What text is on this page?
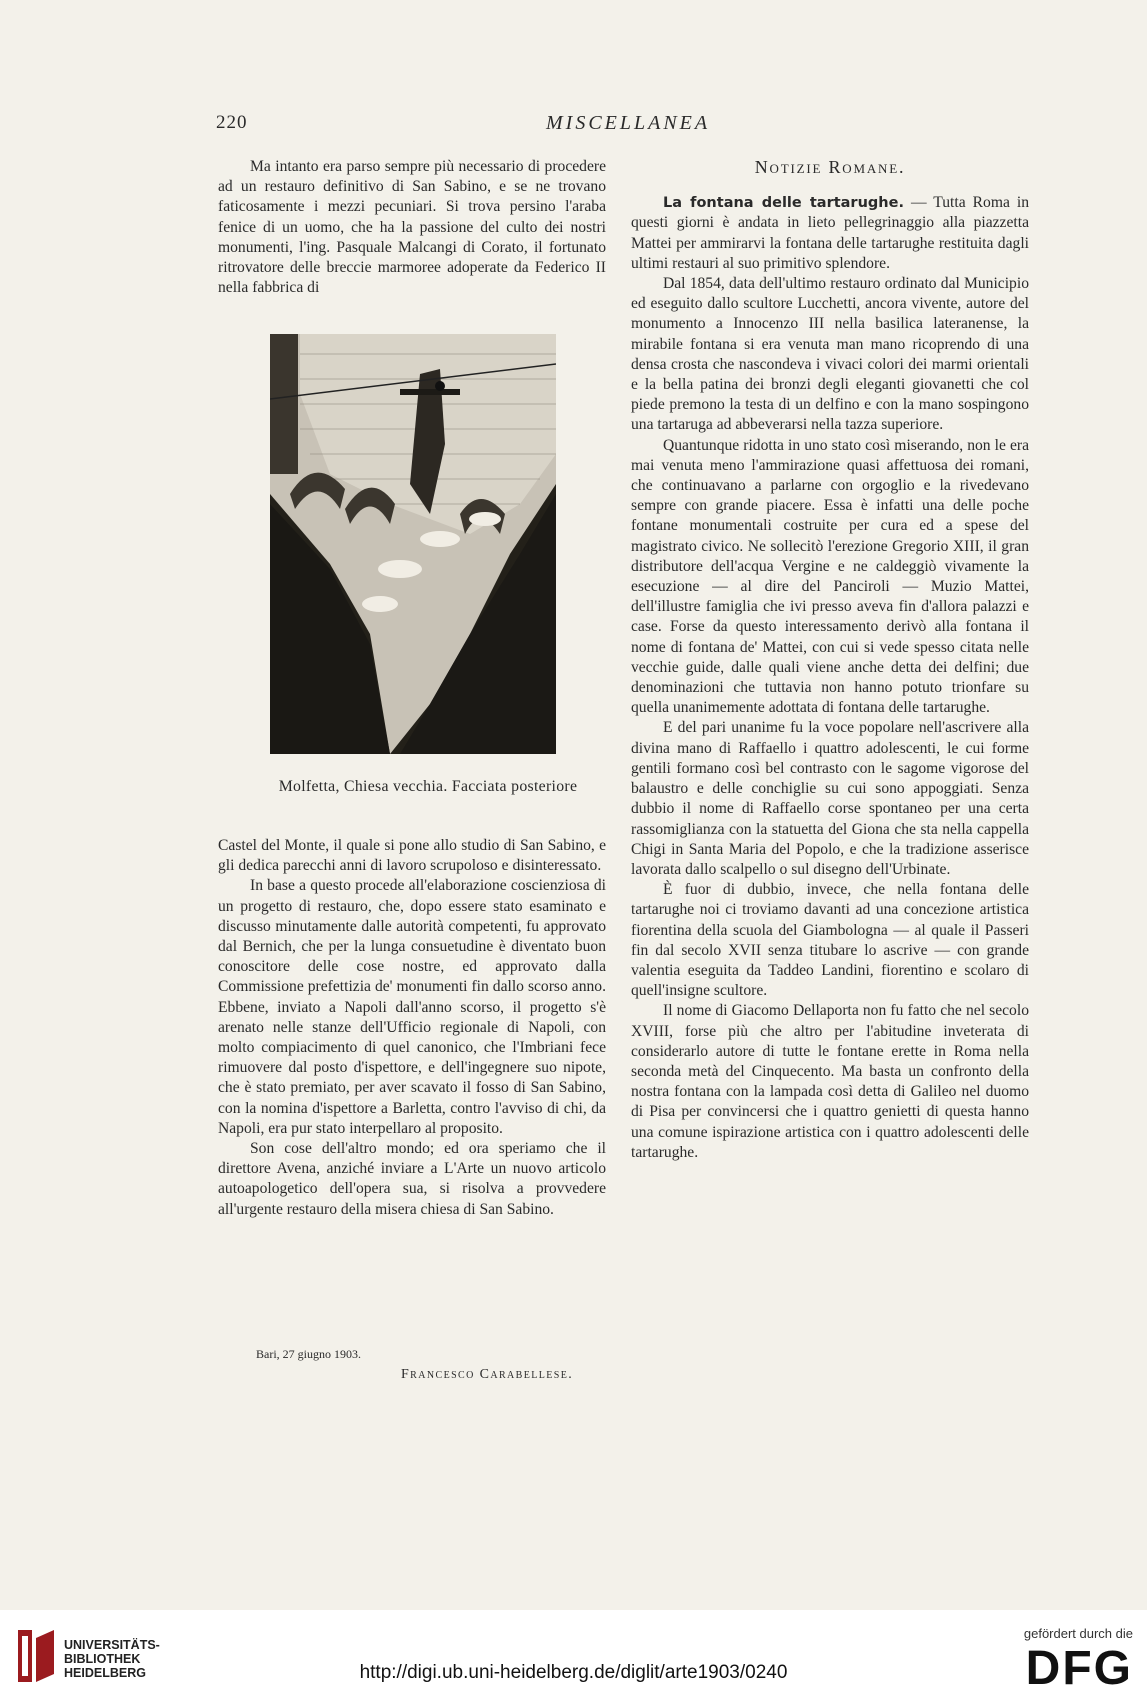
220	MISCELLANEA

Ma intanto era parso sempre più necessario di procedere ad un restauro definitivo di San Sabino, e se ne trovano faticosamente i mezzi pecuniari. Si trova persino l'araba fenice di un uomo, che ha la passione del culto dei nostri monumenti, l'ing. Pasquale Malcangi di Corato, il fortunato ritrovatore delle breccie marmoree adoperate da Federico II nella fabbrica di

Molfetta, Chiesa vecchia. Facciata posteriore

Castel del Monte, il quale si pone allo studio di San Sabino, e gli dedica parecchi anni di lavoro scrupoloso e disinteressato.

In base a questo procede all'elaborazione coscienziosa di un progetto di restauro, che, dopo essere stato esaminato e discusso minutamente dalle autorità competenti, fu approvato dal Bernich, che per la lunga consuetudine è diventato buon conoscitore delle cose nostre, ed approvato dalla Commissione prefettizia de' monumenti fin dallo scorso anno. Ebbene, inviato a Napoli dall'anno scorso, il progetto s'è arenato nelle stanze dell'Ufficio regionale di Napoli, con molto compiacimento di quel canonico, che l'Imbriani fece rimuovere dal posto d'ispettore, e dell'ingegnere suo nipote, che è stato premiato, per aver scavato il fosso di San Sabino, con la nomina d'ispettore a Barletta, contro l'avviso di chi, da Napoli, era pur stato interpellaro al proposito.

Son cose dell'altro mondo; ed ora speriamo che il direttore Avena, anziché inviare a L'Arte un nuovo articolo autoapologetico dell'opera sua, si risolva a provvedere all'urgente restauro della misera chiesa di San Sabino.

Bari, 27 giugno 1903.
Francesco Carabellese.

Notizie Romane.

La fontana delle tartarughe. — Tutta Roma in questi giorni è andata in lieto pellegrinaggio alla piazzetta Mattei per ammirarvi la fontana delle tartarughe restituita dagli ultimi restauri al suo primitivo splendore.

Dal 1854, data dell'ultimo restauro ordinato dal Municipio ed eseguito dallo scultore Lucchetti, ancora vivente, autore del monumento a Innocenzo III nella basilica lateranense, la mirabile fontana si era venuta man mano ricoprendo di una densa crosta che nascondeva i vivaci colori dei marmi orientali e la bella patina dei bronzi degli eleganti giovanetti che col piede premono la testa di un delfino e con la mano sospingono una tartaruga ad abbeverarsi nella tazza superiore.

Quantunque ridotta in uno stato così miserando, non le era mai venuta meno l'ammirazione quasi affettuosa dei romani, che continuavano a parlarne con orgoglio e la rivedevano sempre con grande piacere. Essa è infatti una delle poche fontane monumentali costruite per cura ed a spese del magistrato civico. Ne sollecitò l'erezione Gregorio XIII, il gran distributore dell'acqua Vergine e ne caldeggiò vivamente la esecuzione — al dire del Panciroli — Muzio Mattei, dell'illustre famiglia che ivi presso aveva fin d'allora palazzi e case. Forse da questo interessamento derivò alla fontana il nome di fontana de' Mattei, con cui si vede spesso citata nelle vecchie guide, dalle quali viene anche detta dei delfini; due denominazioni che tuttavia non hanno potuto trionfare su quella unanimemente adottata di fontana delle tartarughe.

E del pari unanime fu la voce popolare nell'ascrivere alla divina mano di Raffaello i quattro adolescenti, le cui forme gentili formano così bel contrasto con le sagome vigorose del balaustro e delle conchiglie su cui sono appoggiati. Senza dubbio il nome di Raffaello corse spontaneo per una certa rassomiglianza con la statuetta del Giona che sta nella cappella Chigi in Santa Maria del Popolo, e che la tradizione asserisce lavorata dallo scalpello o sul disegno dell'Urbinate.

È fuor di dubbio, invece, che nella fontana delle tartarughe noi ci troviamo davanti ad una concezione artistica fiorentina della scuola del Giambologna — al quale il Passeri fin dal secolo XVII senza titubare lo ascrive — con grande valentia eseguita da Taddeo Landini, fiorentino e scolaro di quell'insigne scultore.

Il nome di Giacomo Dellaporta non fu fatto che nel secolo XVIII, forse più che altro per l'abitudine inveterata di considerarlo autore di tutte le fontane erette in Roma nella seconda metà del Cinquecento. Ma basta un confronto della nostra fontana con la lampada così detta di Galileo nel duomo di Pisa per convincersi che i quattro genietti di questa hanno una comune ispirazione artistica con i quattro adolescenti delle tartarughe.

UNIVERSITÄTS-
BIBLIOTHEK
HEIDELBERG	http://digi.ub.uni-heidelberg.de/diglit/arte1903/0240
gefördert durch die
DFG
